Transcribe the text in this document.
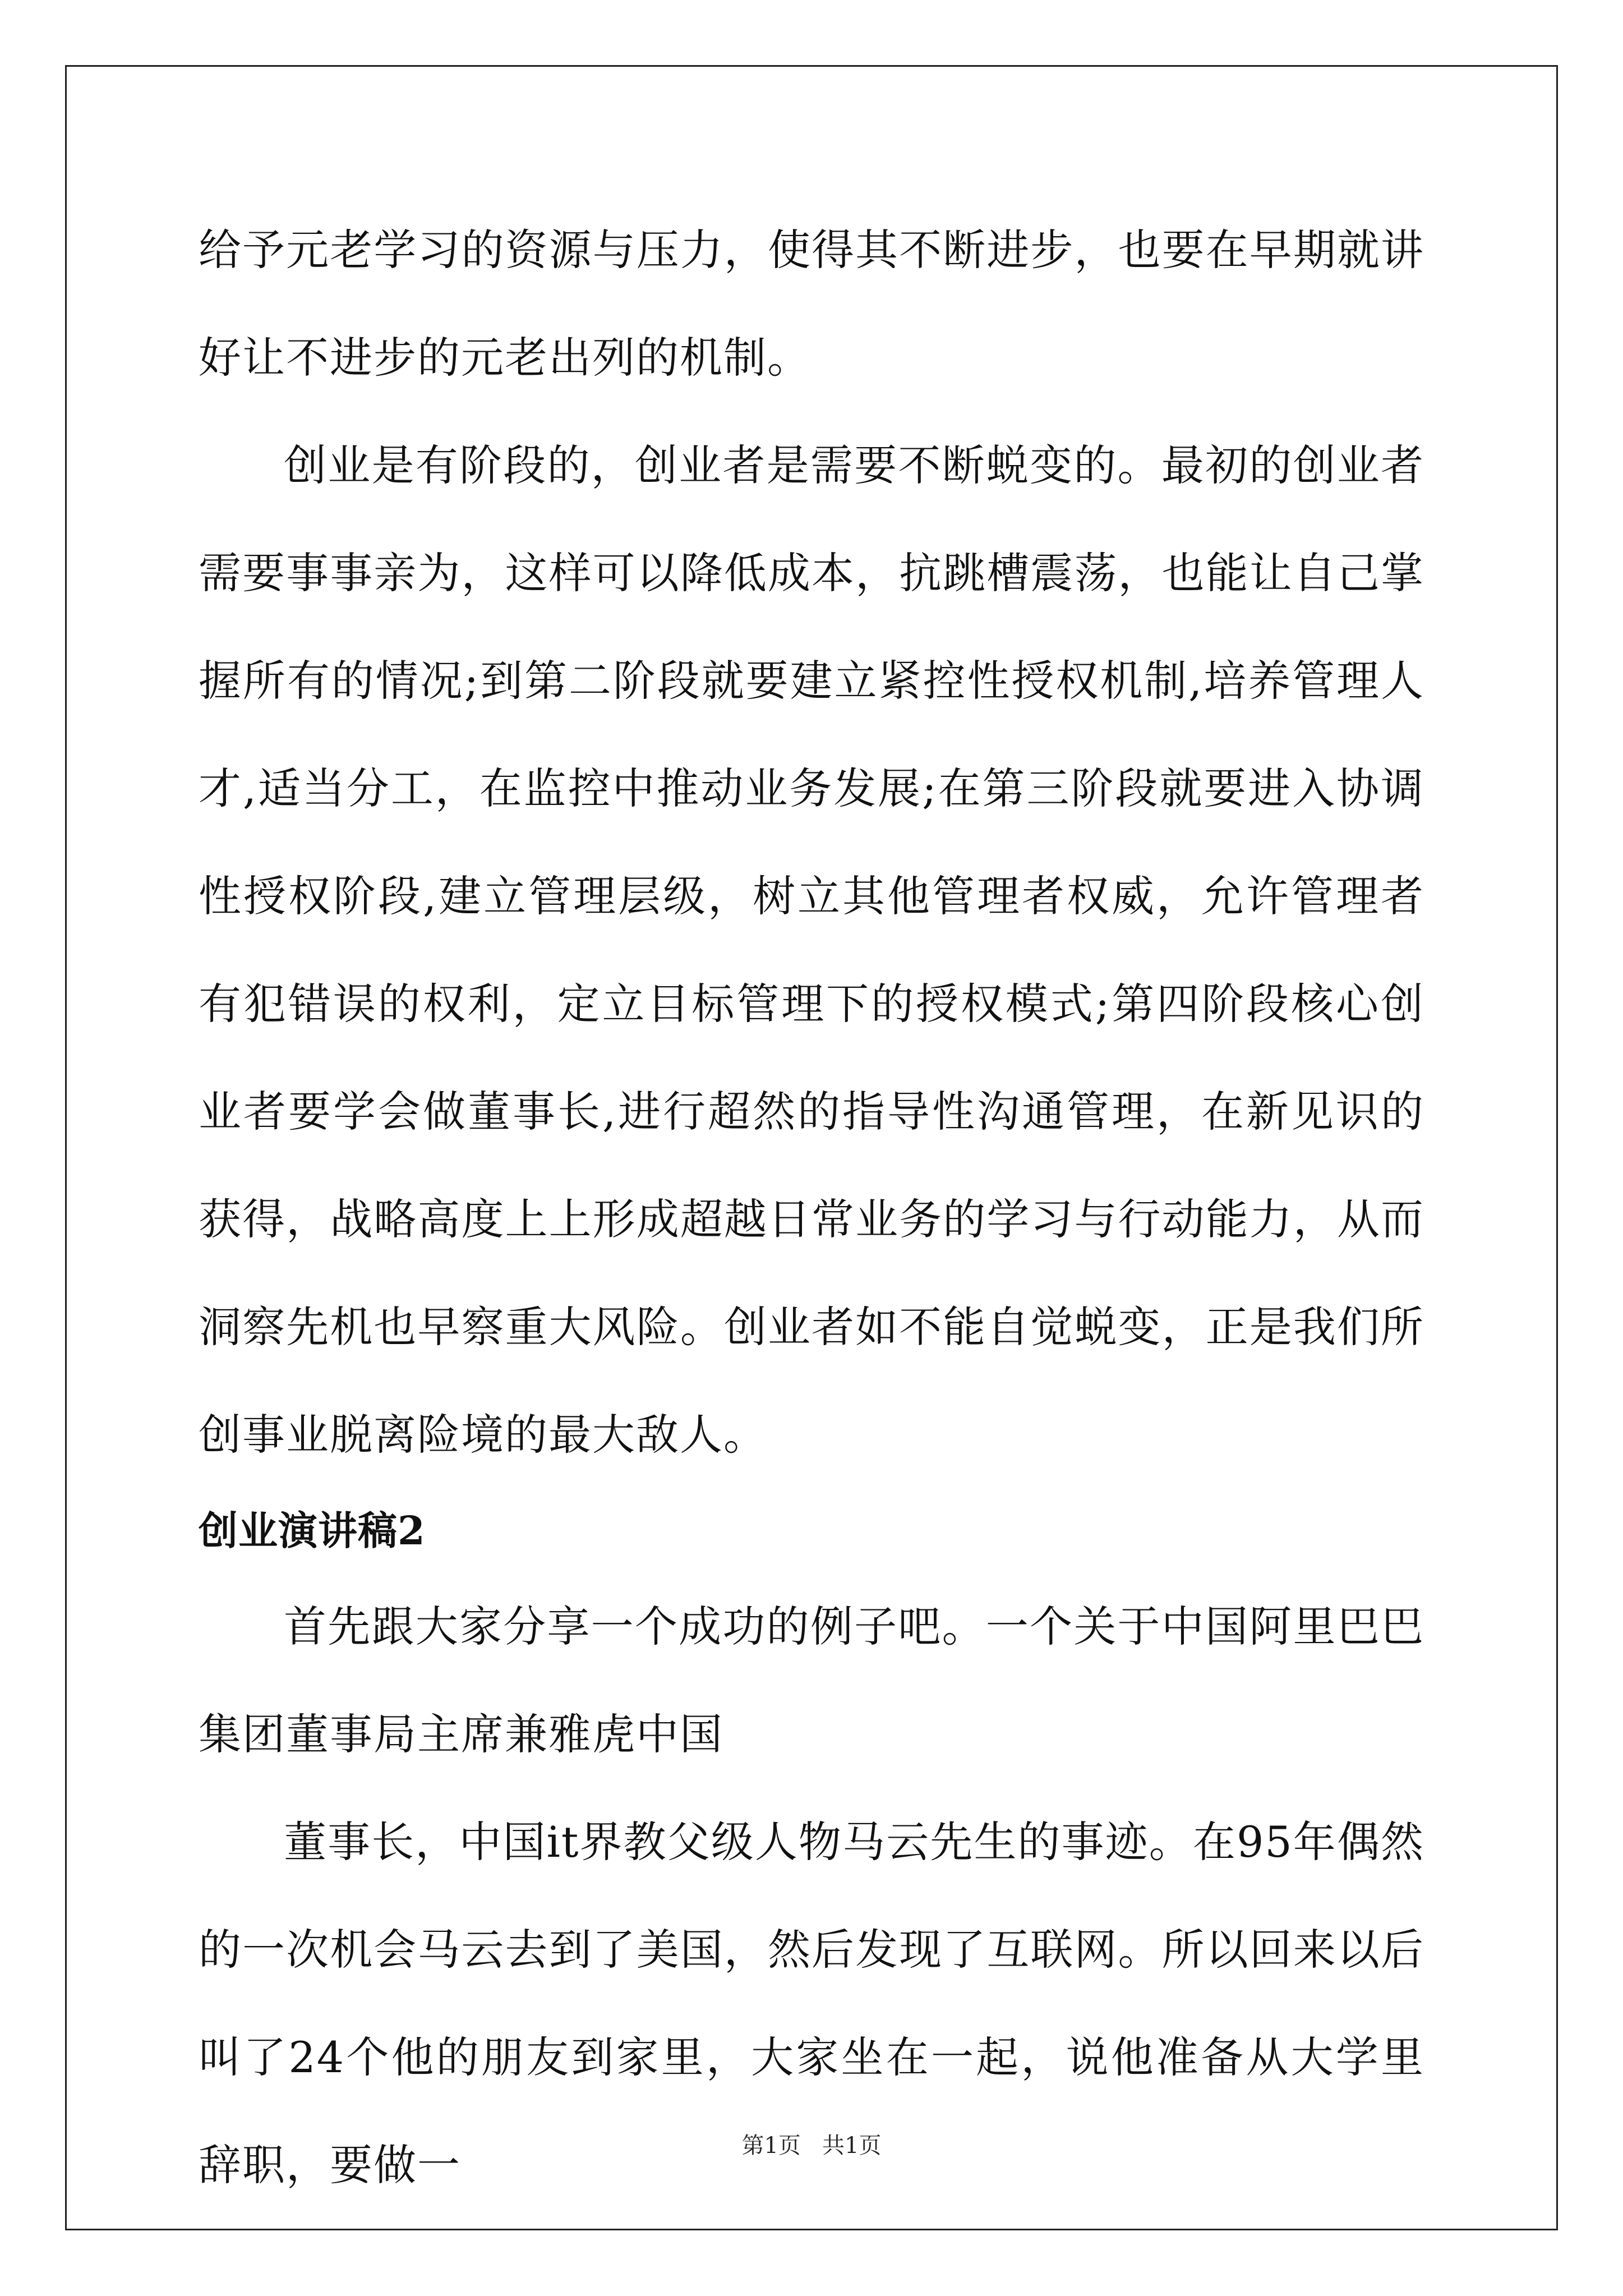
给予元老学习的资源与压力，使得其不断进步，也要在早期就讲好让不进步的元老出列的机制。

创业是有阶段的，创业者是需要不断蜕变的。最初的创业者需要事事亲为，这样可以降低成本，抗跳槽震荡，也能让自己掌握所有的情况;到第二阶段就要建立紧控性授权机制,培养管理人才,适当分工，在监控中推动业务发展;在第三阶段就要进入协调性授权阶段,建立管理层级，树立其他管理者权威，允许管理者有犯错误的权利，定立目标管理下的授权模式;第四阶段核心创业者要学会做董事长,进行超然的指导性沟通管理，在新见识的获得，战略高度上上形成超越日常业务的学习与行动能力，从而洞察先机也早察重大风险。创业者如不能自觉蜕变，正是我们所创事业脱离险境的最大敌人。

创业演讲稿2

首先跟大家分享一个成功的例子吧。一个关于中国阿里巴巴集团董事局主席兼雅虎中国

董事长，中国it界教父级人物马云先生的事迹。在95年偶然的一次机会马云去到了美国，然后发现了互联网。所以回来以后叫了24个他的朋友到家里，大家坐在一起，说他准备从大学里辞职，要做一	第1页   共1页
